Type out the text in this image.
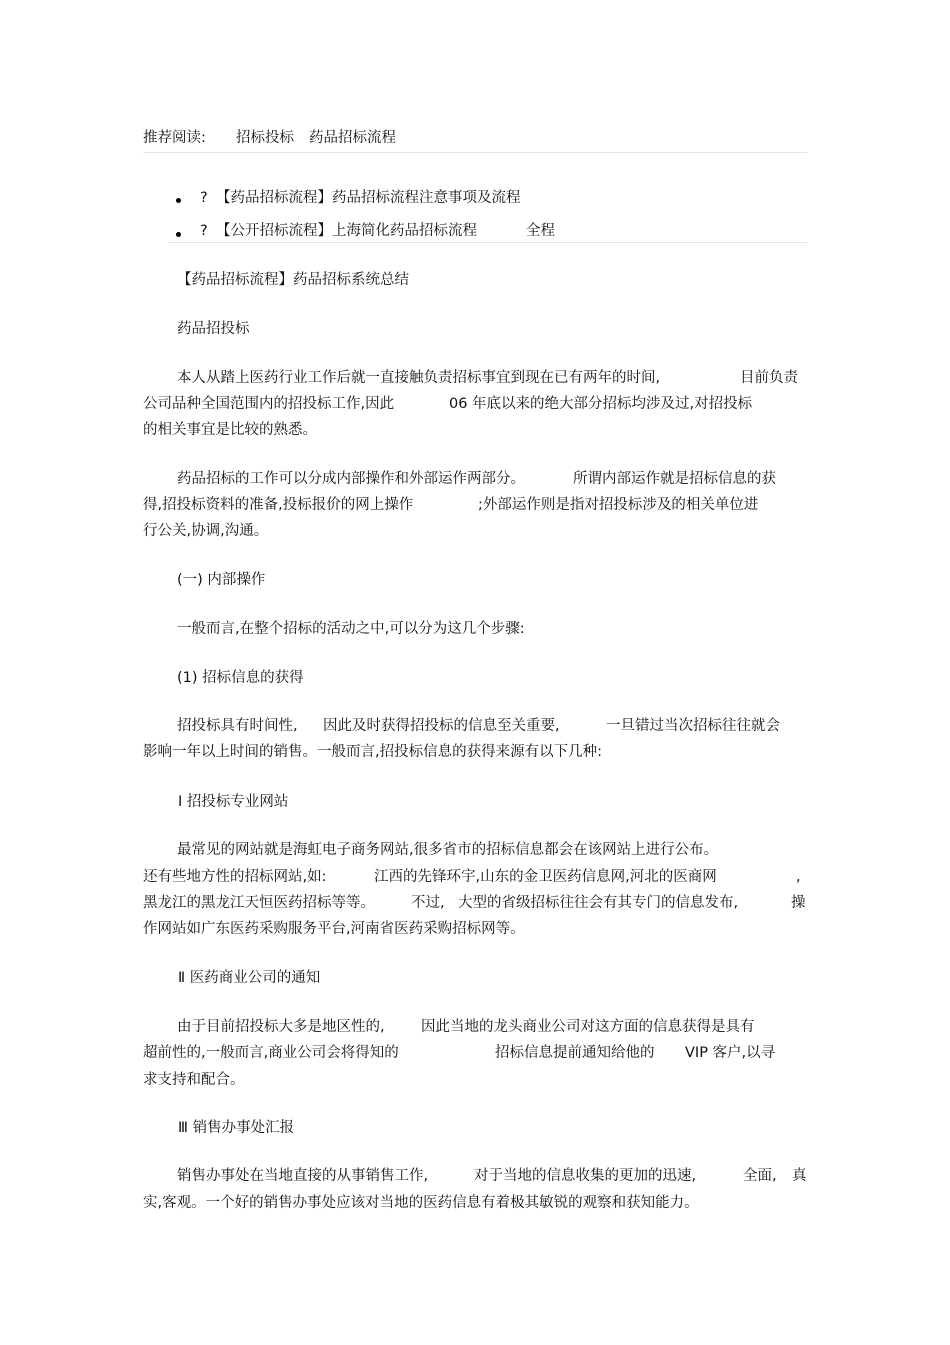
推荐阅读: 招标投标 药品招标流程
? 【药品招标流程】药品招标流程注意事项及流程
? 【公开招标流程】上海简化药品招标流程	全程
【药品招标流程】药品招标系统总结
药品招投标
本人从踏上医药行业工作后就一直接触负责招标事宜到现在已有两年的时间,	目前负责
公司品种全国范围内的招投标工作,因此	06 年底以来的绝大部分招标均涉及过,对招投标
的相关事宜是比较的熟悉。
药品招标的工作可以分成内部操作和外部运作两部分。	所谓内部运作就是招标信息的获
得,招投标资料的准备,投标报价的网上操作	;外部运作则是指对招投标涉及的相关单位进
行公关,协调,沟通。
(一) 内部操作
一般而言,在整个招标的活动之中,可以分为这几个步骤:
(1) 招标信息的获得
招投标具有时间性, 因此及时获得招投标的信息至关重要,	一旦错过当次招标往往就会
影响一年以上时间的销售。一般而言,招投标信息的获得来源有以下几种:
Ⅰ 招投标专业网站
最常见的网站就是海虹电子商务网站,很多省市的招标信息都会在该网站上进行公布。
还有些地方性的招标网站,如:	江西的先锋环宇,山东的金卫医药信息网,河北的医商网	,
黑龙江的黑龙江天恒医药招标等等。 不过, 大型的省级招标往往会有其专门的信息发布,	操
作网站如广东医药采购服务平台,河南省医药采购招标网等。
Ⅱ 医药商业公司的通知
由于目前招投标大多是地区性的,	因此当地的龙头商业公司对这方面的信息获得是具有
超前性的,一般而言,商业公司会将得知的	招标信息提前通知给他的 VIP 客户,以寻
求支持和配合。
Ⅲ 销售办事处汇报
销售办事处在当地直接的从事销售工作,	对于当地的信息收集的更加的迅速,	全面, 真
实,客观。一个好的销售办事处应该对当地的医药信息有着极其敏锐的观察和获知能力。
